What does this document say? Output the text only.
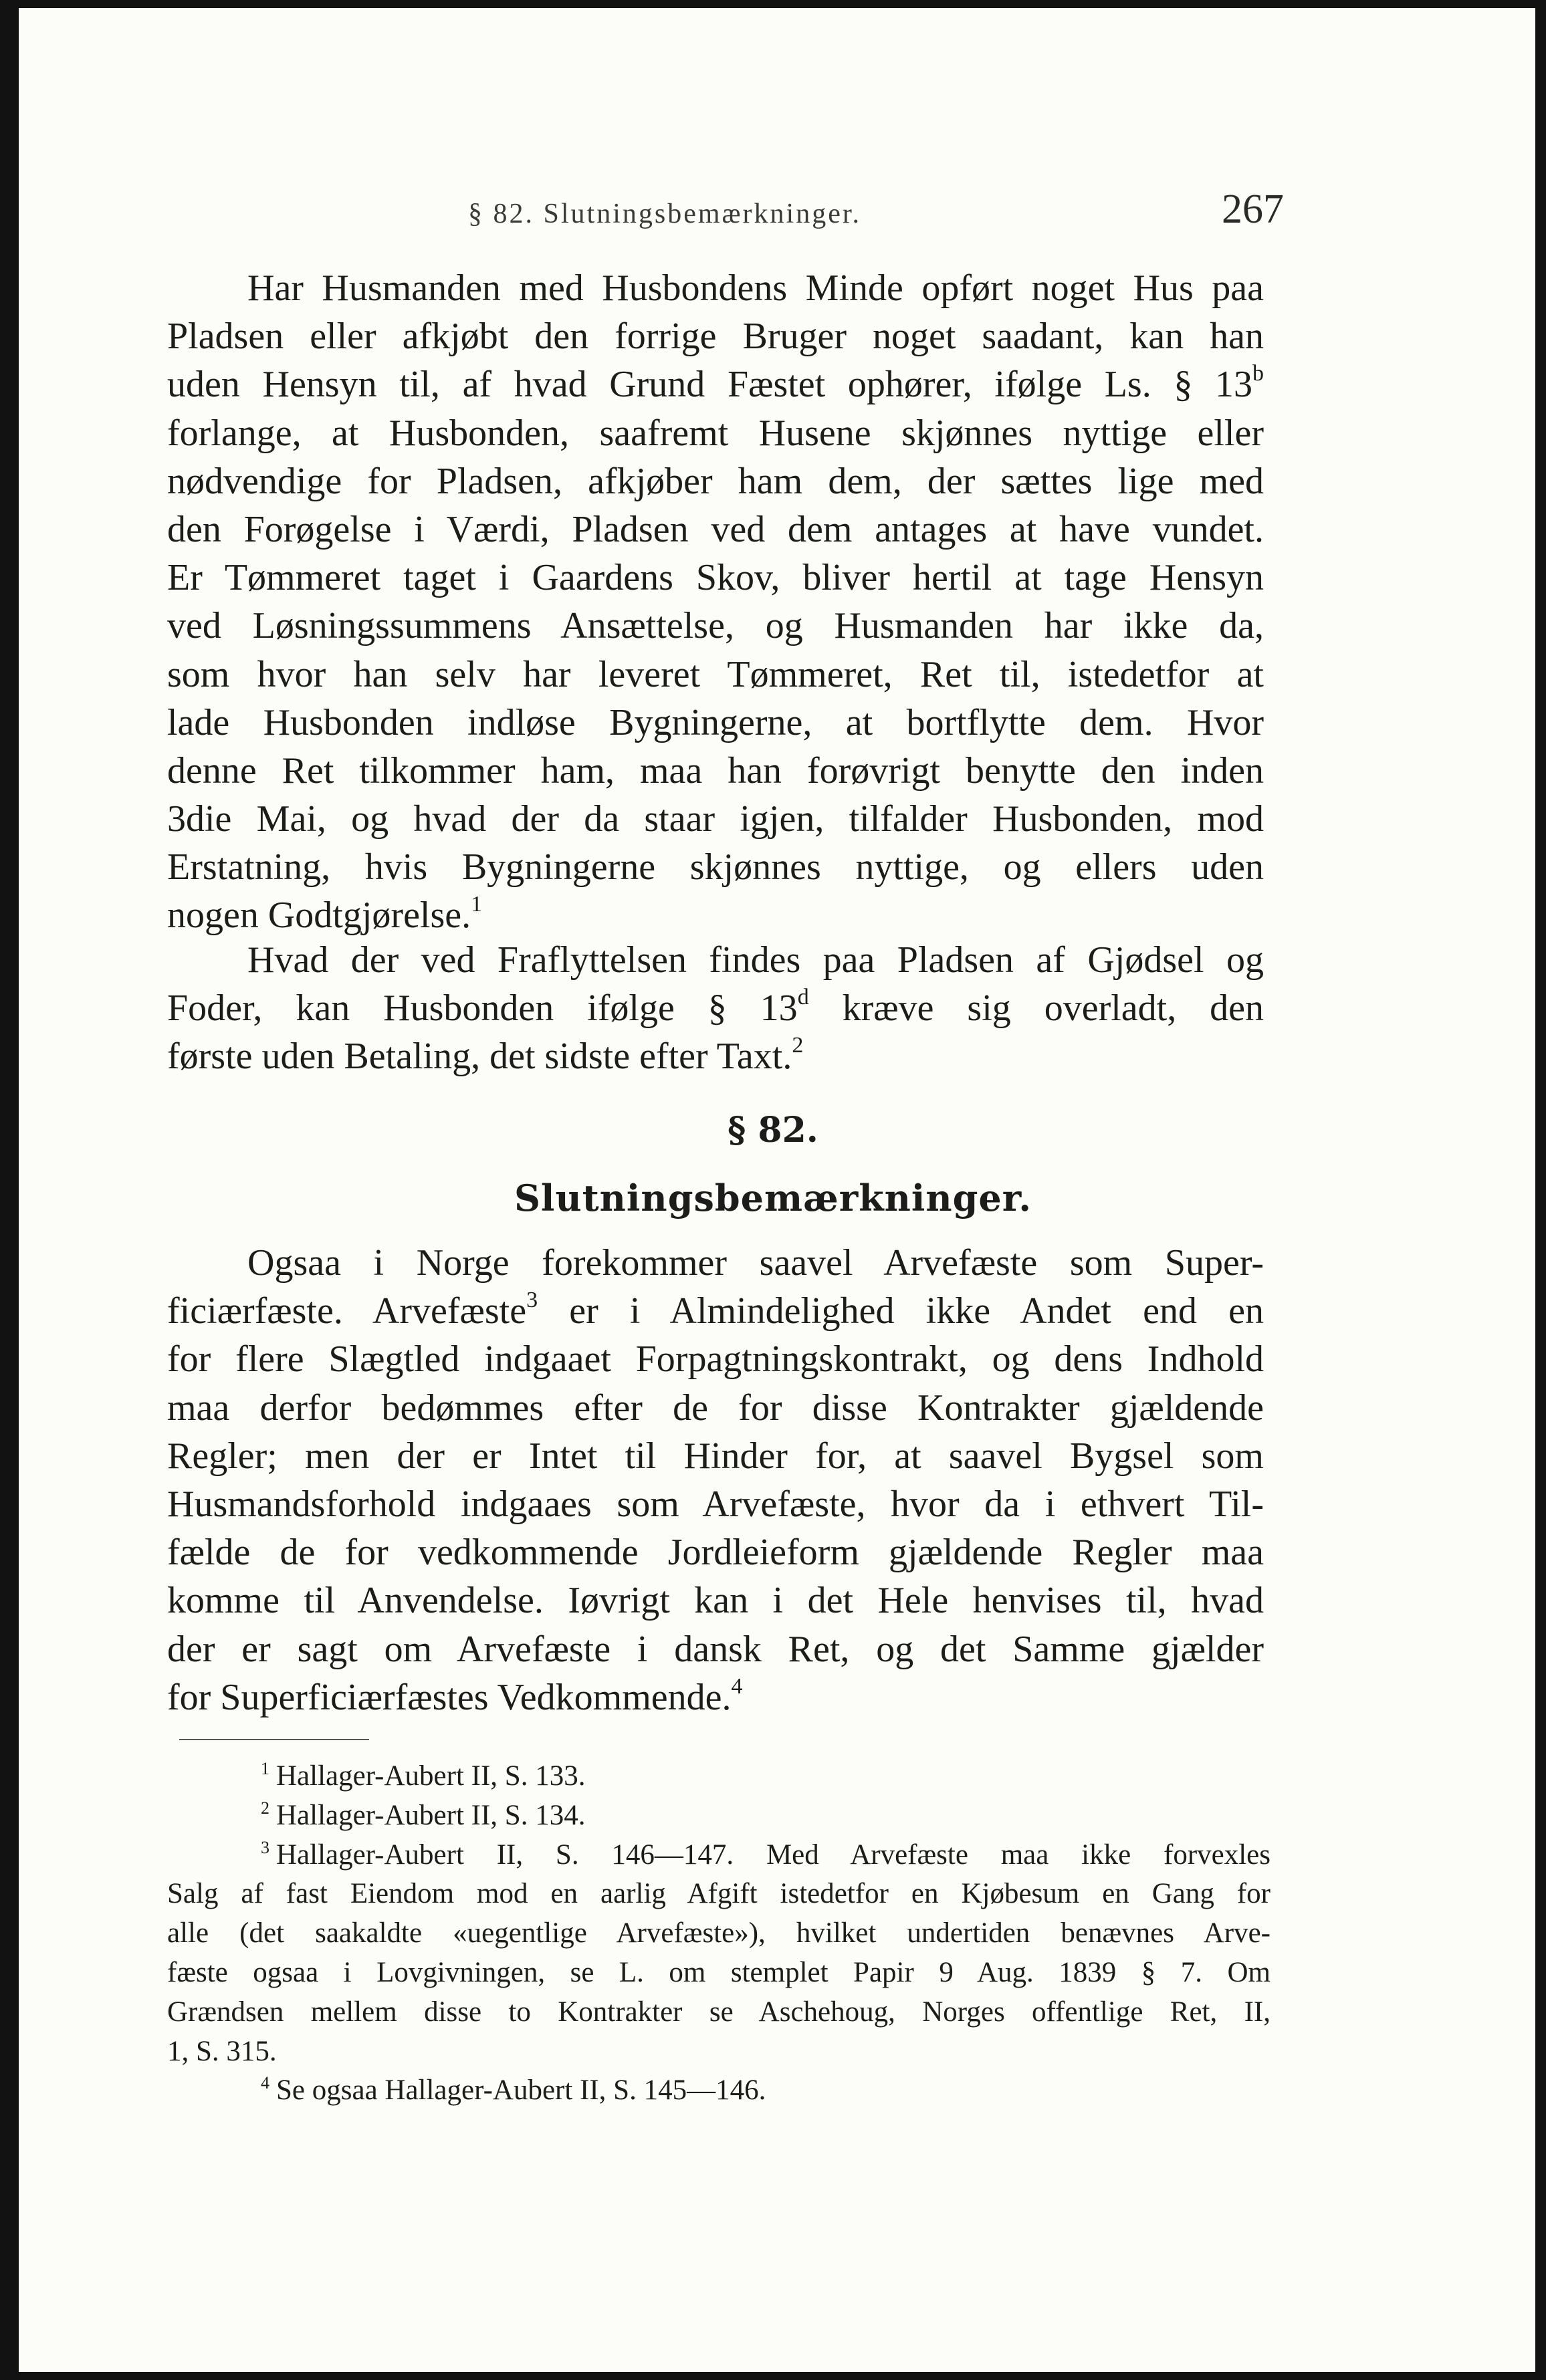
§ 82. Slutningsbemærkninger.	267
Har Husmanden med Husbondens Minde opført noget Hus paa
Pladsen eller afkjøbt den forrige Bruger noget saadant, kan han
uden Hensyn til, af hvad Grund Fæstet ophører, ifølge Ls. § 13$^b$
forlange, at Husbonden, saafremt Husene skjønnes nyttige eller
nødvendige for Pladsen, afkjøber ham dem, der sættes lige med
den Forøgelse i Værdi, Pladsen ved dem antages at have vundet.
Er Tømmeret taget i Gaardens Skov, bliver hertil at tage Hensyn
ved Løsningssummens Ansættelse, og Husmanden har ikke da,
som hvor han selv har leveret Tømmeret, Ret til, istedetfor at
lade Husbonden indløse Bygningerne, at bortflytte dem. Hvor
denne Ret tilkommer ham, maa han forøvrigt benytte den inden
3die Mai, og hvad der da staar igjen, tilfalder Husbonden, mod
Erstatning, hvis Bygningerne skjønnes nyttige, og ellers uden
nogen Godtgjørelse.$^1$
Hvad der ved Fraflyttelsen findes paa Pladsen af Gjødsel og
Foder, kan Husbonden ifølge § 13$^d$ kræve sig overladt, den
første uden Betaling, det sidste efter Taxt.$^2$
§ 82.
Slutningsbemærkninger.
Ogsaa i Norge forekommer saavel Arvefæste som Super-
ficiærfæste. Arvefæste$^3$ er i Almindelighed ikke Andet end en
for flere Slægtled indgaaet Forpagtningskontrakt, og dens Indhold
maa derfor bedømmes efter de for disse Kontrakter gjældende
Regler; men der er Intet til Hinder for, at saavel Bygsel som
Husmandsforhold indgaaes som Arvefæste, hvor da i ethvert Til-
fælde de for vedkommende Jordleieform gjældende Regler maa
komme til Anvendelse. Iøvrigt kan i det Hele henvises til, hvad
der er sagt om Arvefæste i dansk Ret, og det Samme gjælder
for Superficiærfæstes Vedkommende.$^4$
$^1$ Hallager-Aubert II, S. 133.
$^2$ Hallager-Aubert II, S. 134.
$^3$ Hallager-Aubert II, S. 146—147. Med Arvefæste maa ikke forvexles
Salg af fast Eiendom mod en aarlig Afgift istedetfor en Kjøbesum en Gang for
alle (det saakaldte «uegentlige Arvefæste»), hvilket undertiden benævnes Arve-
fæste ogsaa i Lovgivningen, se L. om stemplet Papir 9 Aug. 1839 § 7. Om
Grændsen mellem disse to Kontrakter se Aschehoug, Norges offentlige Ret, II,
1, S. 315.
$^4$ Se ogsaa Hallager-Aubert II, S. 145—146.
